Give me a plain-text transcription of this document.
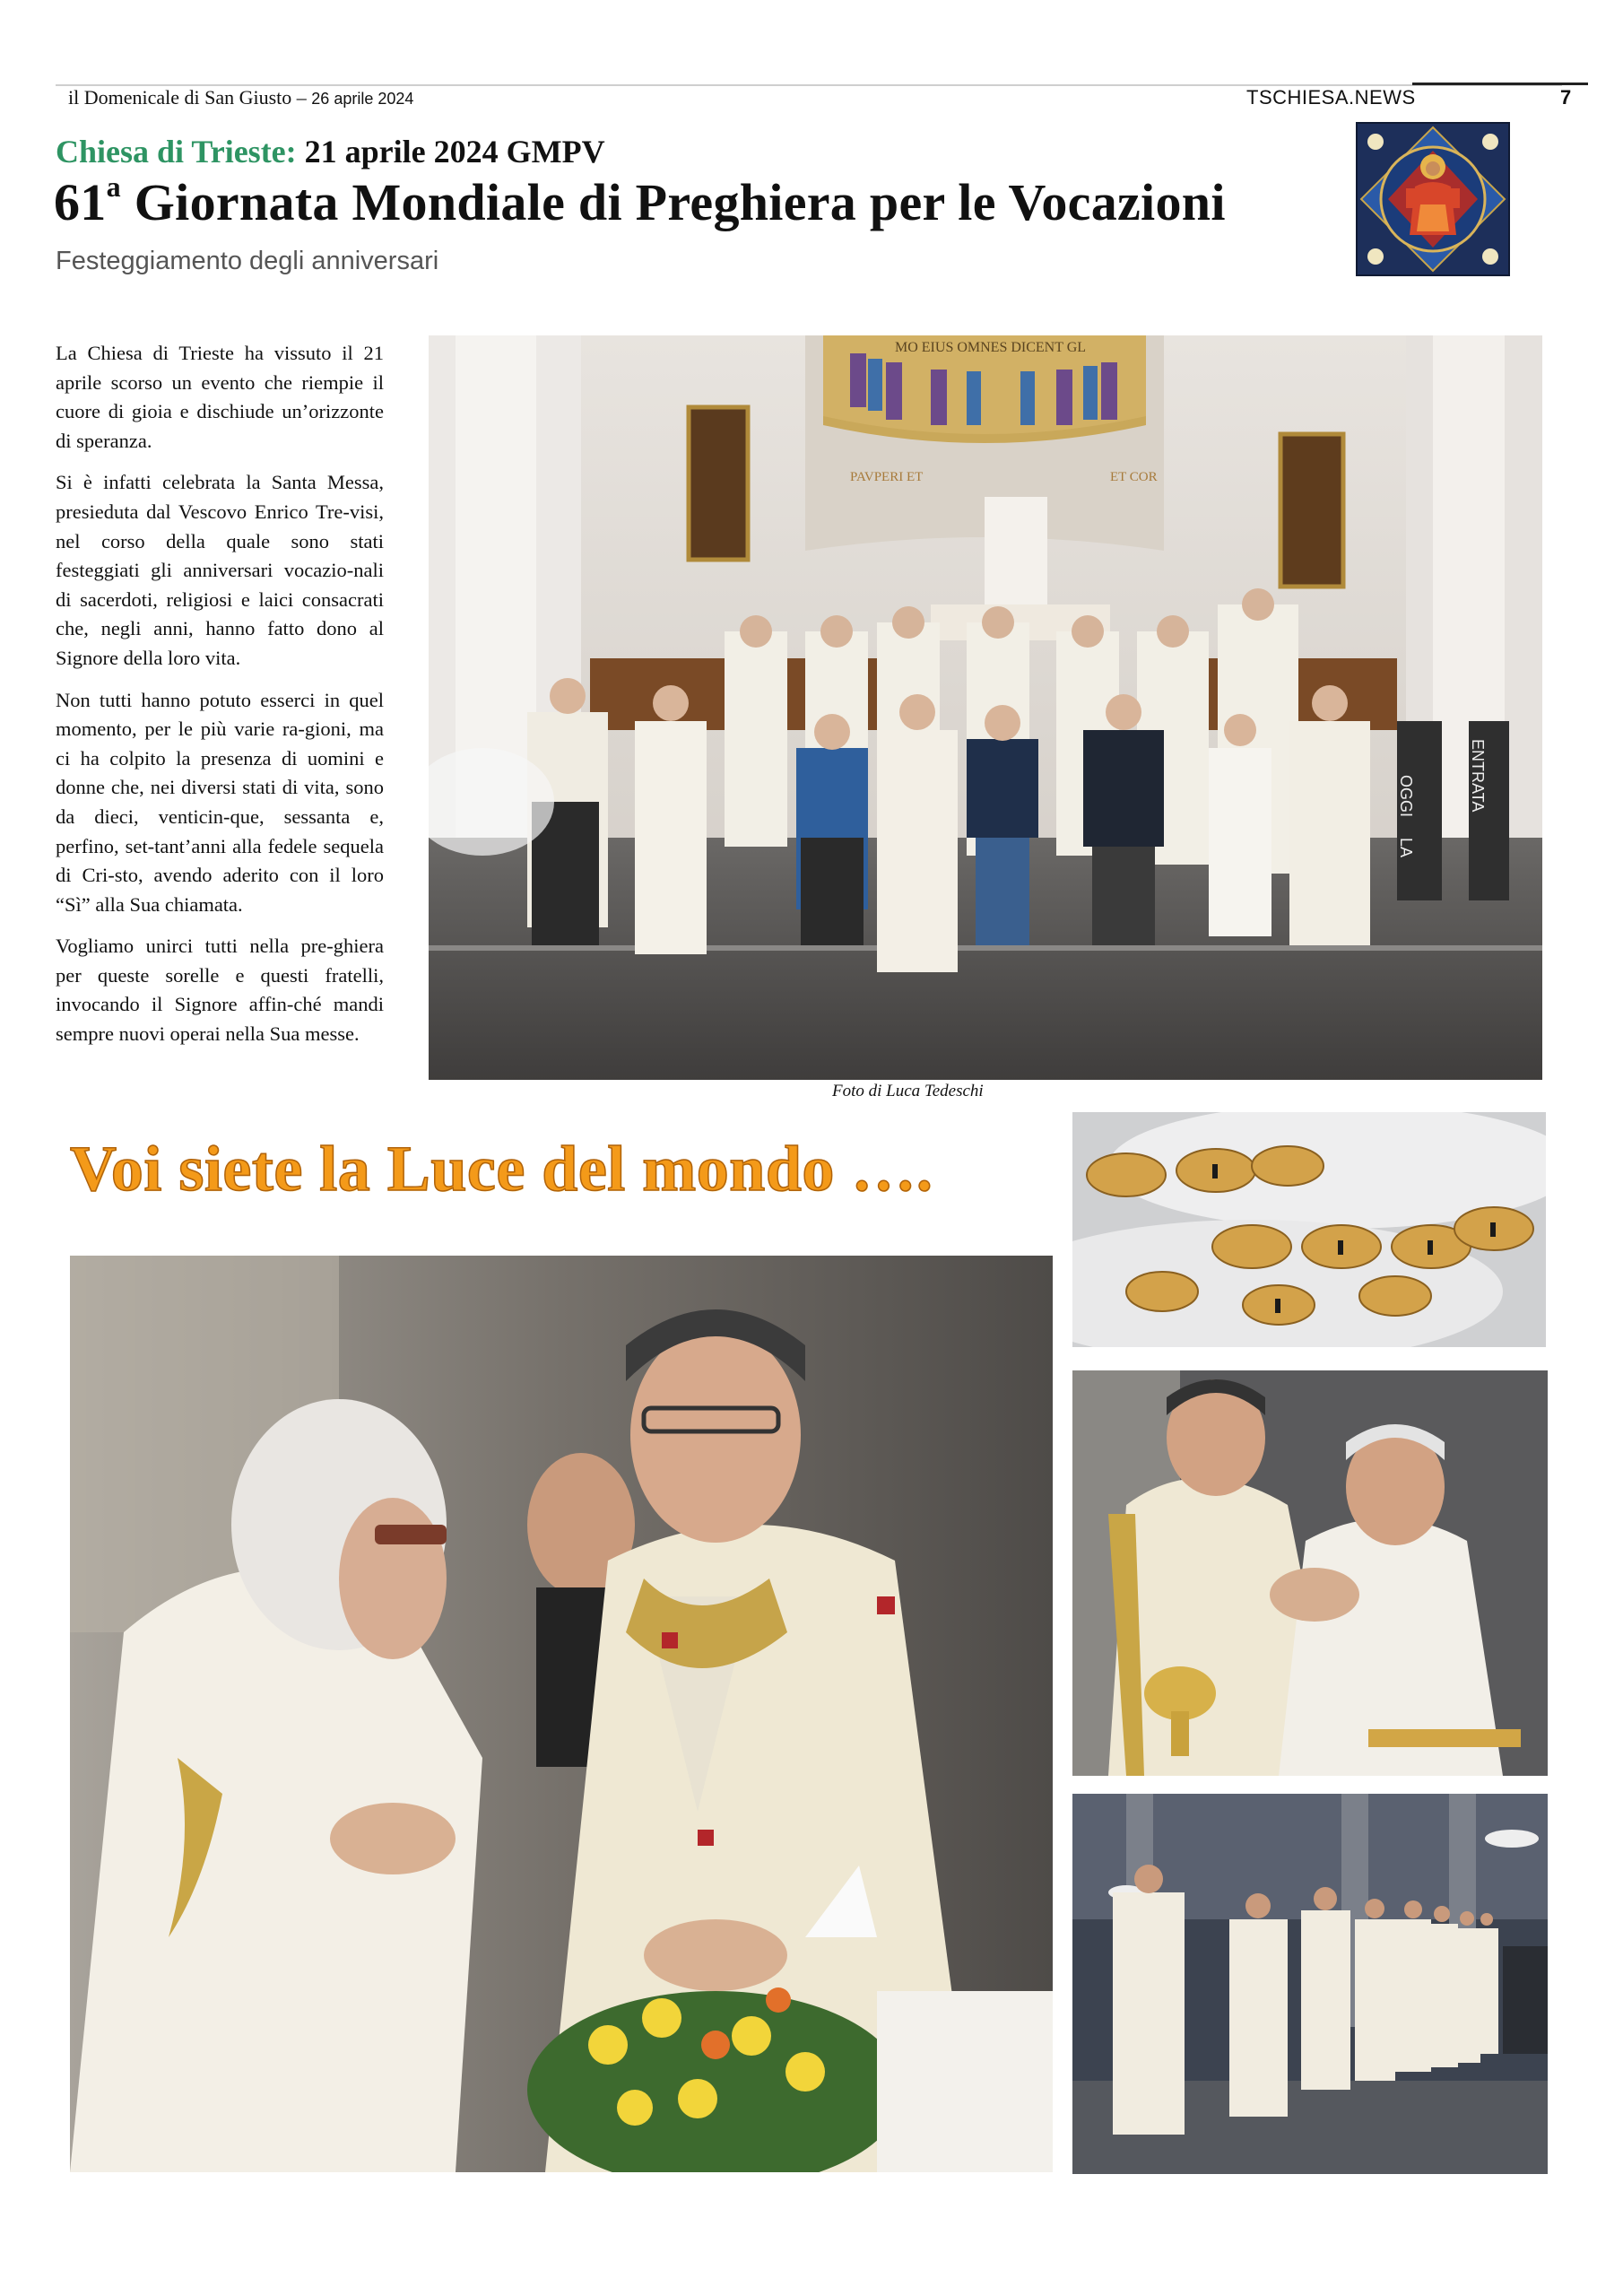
il Domenicale di San Giusto – 26 aprile 2024	TSCHIESA.NEWS	7
Chiesa di Trieste: 21 aprile 2024 GMPV
61$^a$ Giornata Mondiale di Preghiera per le Vocazioni
Festeggiamento degli anniversari

La Chiesa di Trieste ha vissuto il 21 aprile scorso un evento che riempie il cuore di gioia e dischiude un’orizzonte di speranza.

Si è infatti celebrata la Santa Messa, presieduta dal Vescovo Enrico Tre-visi, nel corso della quale sono stati festeggiati gli anniversari vocazio-nali di sacerdoti, religiosi e laici consacrati che, negli anni, hanno fatto dono al Signore della loro vita.

Non tutti hanno potuto esserci in quel momento, per le più varie ra-gioni, ma ci ha colpito la presenza di uomini e donne che, nei diversi stati di vita, sono da dieci, venticin-que, sessanta e, perfino, set-tant’anni alla fedele sequela di Cri-sto, avendo aderito con il loro “Sì” alla Sua chiamata.

Vogliamo unirci tutti nella pre-ghiera per queste sorelle e questi fratelli, invocando il Signore affin-ché mandi sempre nuovi operai nella Sua messe.

MO EIUS OMNES DICENT GL
PAVPERI ET	ET COR
OGGI
LA
ENTRATA
Foto di Luca Tedeschi
Voi siete la Luce del mondo ….
